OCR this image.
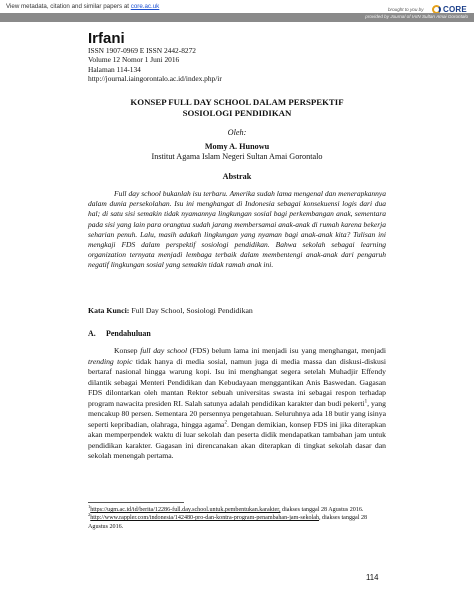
View metadata, citation and similar papers at core.ac.uk	brought to you by CORE
provided by Journal of IAIN Sultan Amai Gorontalo
Irfani
ISSN 1907-0969 E ISSN 2442-8272
Volume 12 Nomor 1 Juni 2016
Halaman 114-134
http://journal.iaingorontalo.ac.id/index.php/ir
KONSEP FULL DAY SCHOOL DALAM PERSPEKTIF
SOSIOLOGI PENDIDIKAN
Oleh:
Momy A. Hunowu
Institut Agama Islam Negeri Sultan Amai Gorontalo
Abstrak
Full day school bukanlah isu terbaru. Amerika sudah lama mengenal dan menerapkannya dalam dunia persekolahan. Isu ini menghangat di Indonesia sebagai konsekuensi logis dari dua hal; di satu sisi semakin tidak nyamannya lingkungan sosial bagi perkembangan anak, sementara pada sisi yang lain para orangtua sudah jarang membersamai anak-anak di rumah karena bekerja seharian penuh. Lalu, masih adakah lingkungan yang nyaman bagi anak-anak kita? Tulisan ini mengkaji FDS dalam perspektif sosiologi pendidikan. Bahwa sekolah sebagai learning organization ternyata menjadi lembaga terbaik dalam membentengi anak-anak dari pengaruh negatif lingkungan sosial yang semakin tidak ramah anak ini.
Kata Kunci: Full Day School, Sosiologi Pendidikan
A. Pendahuluan

Konsep full day school (FDS) belum lama ini menjadi isu yang menghangat, menjadi trending topic tidak hanya di media sosial, namun juga di media massa dan diskusi-diskusi bertaraf nasional hingga warung kopi. Isu ini menghangat segera setelah Muhadjir Effendy dilantik sebagai Menteri Pendidikan dan Kebudayaan menggantikan Anis Baswedan. Gagasan FDS dilontarkan oleh mantan Rektor sebuah universitas swasta ini sebagai respon terhadap program nawacita presiden RI. Salah satunya adalah pendidikan karakter dan budi pekerti$^1$, yang mencakup 80 persen. Sementara 20 persennya pengetahuan. Seluruhnya ada 18 butir yang isinya seperti kepribadian, olahraga, hingga agama$^2$. Dengan demikian, konsep FDS ini jika diterapkan akan memperpendek waktu di luar sekolah dan peserta didik mendapatkan tambahan jam untuk pendidikan karakter. Gagasan ini direncanakan akan diterapkan di tingkat sekolah dasar dan sekolah menengah pertama.

$^1$https://ugm.ac.id/id/berita/12286-full.day.school.untuk.pembentukan.karakter, diakses tanggal 28 Agustus 2016.
$^2$http://www.rappler.com/indonesia/142480-pro-dan-kontra-program-penambahan-jam-sekolah, diakses tanggal 28 Agustus 2016.
114
